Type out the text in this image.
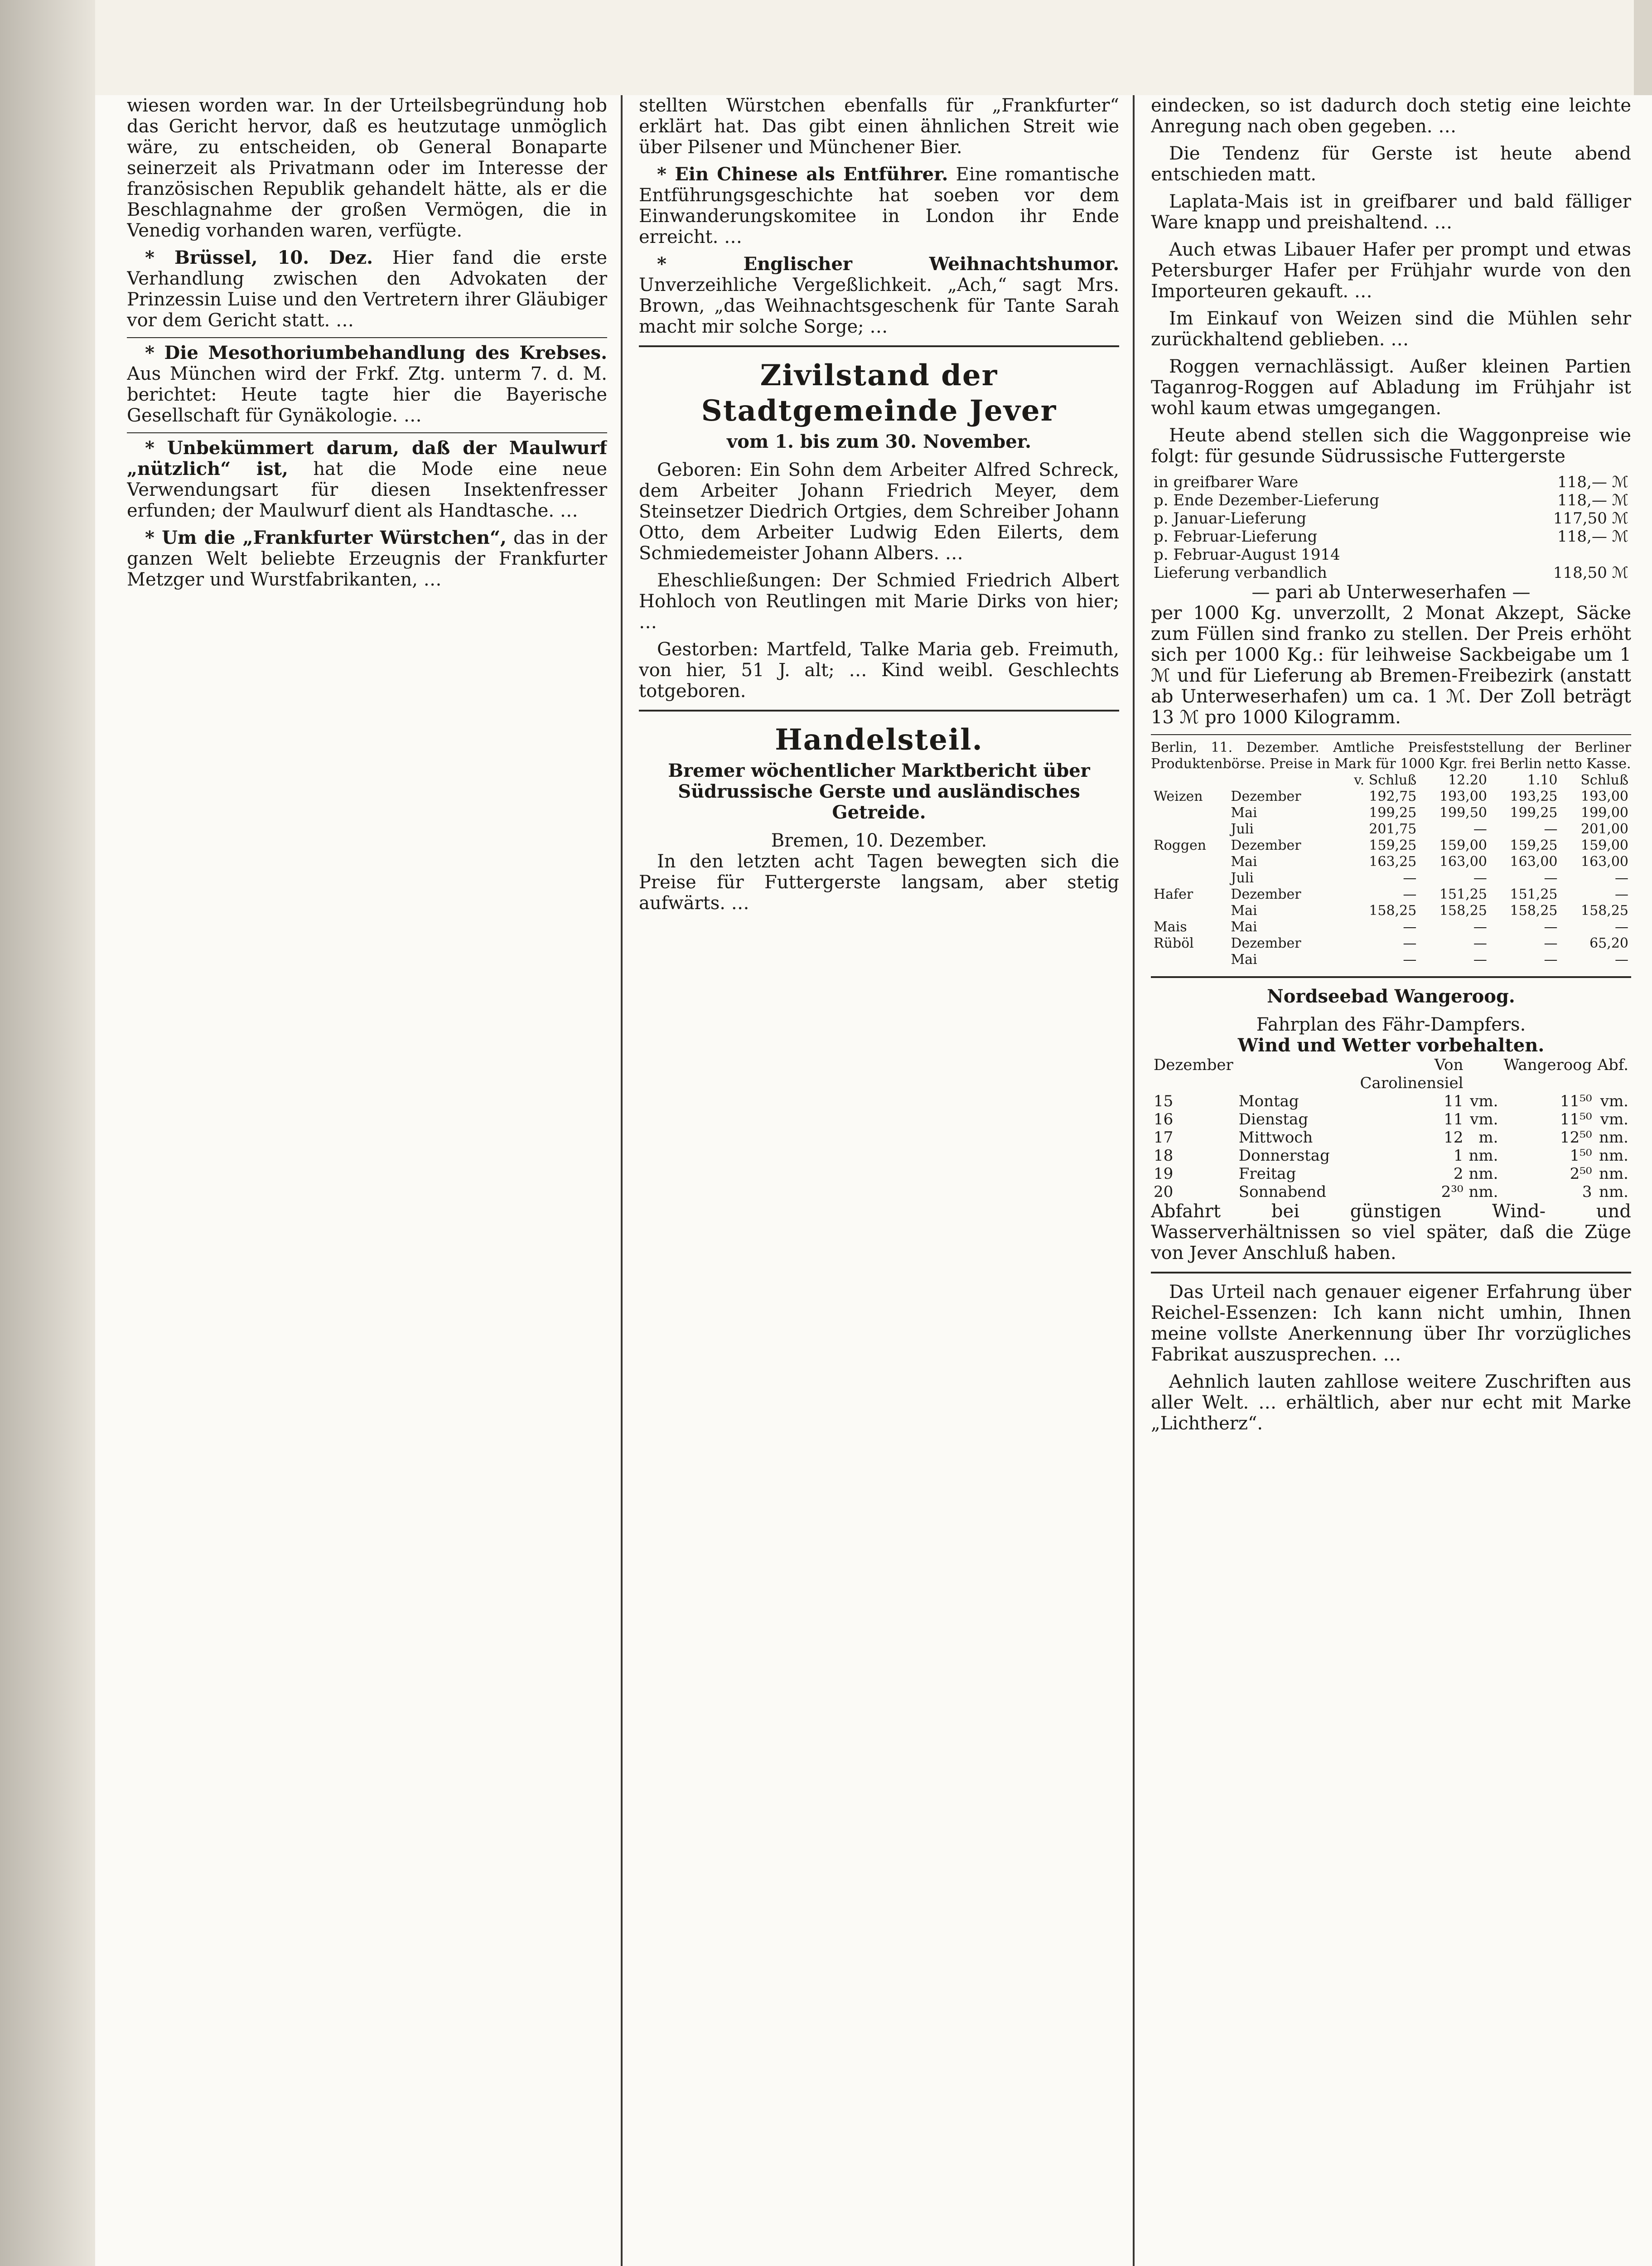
wiesen worden war. In der Urteilsbegründung hob das Gericht hervor, daß es heutzutage unmöglich wäre, zu entscheiden, ob General Bonaparte seinerzeit als Privatmann oder im Interesse der französischen Republik gehandelt hätte, als er die Beschlagnahme der großen Vermögen, die in Venedig vorhanden waren, verfügte.

* Brüssel, 10. Dez. Hier fand die erste Verhandlung zwischen den Advokaten der Prinzessin Luise und den Vertretern ihrer Gläubiger vor dem Gericht statt. …

* Die Mesothoriumbehandlung des Krebses. Aus München wird der Frkf. Ztg. unterm 7. d. M. berichtet: Heute tagte hier die Bayerische Gesellschaft für Gynäkologie. …

* Unbekümmert darum, daß der Maulwurf „nützlich“ ist, hat die Mode eine neue Verwendungsart für diesen Insektenfresser erfunden; der Maulwurf dient als Handtasche. …

* Um die „Frankfurter Würstchen“, das in der ganzen Welt beliebte Erzeugnis der Frankfurter Metzger und Wurstfabrikanten, …

stellten Würstchen ebenfalls für „Frankfurter“ erklärt hat. Das gibt einen ähnlichen Streit wie über Pilsener und Münchener Bier.

* Ein Chinese als Entführer. Eine romantische Entführungsgeschichte hat soeben vor dem Einwanderungskomitee in London ihr Ende erreicht. …

* Englischer Weihnachtshumor. Unverzeihliche Vergeßlichkeit. „Ach,“ sagt Mrs. Brown, „das Weihnachtsgeschenk für Tante Sarah macht mir solche Sorge; …

Zivilstand der Stadtgemeinde Jever
vom 1. bis zum 30. November.

Geboren: Ein Sohn dem Arbeiter Alfred Schreck, dem Arbeiter Johann Friedrich Meyer, dem Steinsetzer Diedrich Ortgies, dem Schreiber Johann Otto, dem Arbeiter Ludwig Eden Eilerts, dem Schmiedemeister Johann Albers. …

Eheschließungen: Der Schmied Friedrich Albert Hohloch von Reutlingen mit Marie Dirks von hier; …

Gestorben: Martfeld, Talke Maria geb. Freimuth, von hier, 51 J. alt; … Kind weibl. Geschlechts totgeboren.

Handelsteil.
Bremer wöchentlicher Marktbericht über Südrussische Gerste und ausländisches Getreide.
Bremen, 10. Dezember.

In den letzten acht Tagen bewegten sich die Preise für Futtergerste langsam, aber stetig aufwärts. …

eindecken, so ist dadurch doch stetig eine leichte Anregung nach oben gegeben. …

Die Tendenz für Gerste ist heute abend entschieden matt.

Laplata-Mais ist in greifbarer und bald fälliger Ware knapp und preishaltend. …

Auch etwas Libauer Hafer per prompt und etwas Petersburger Hafer per Frühjahr wurde von den Importeuren gekauft. …

Im Einkauf von Weizen sind die Mühlen sehr zurückhaltend geblieben. …

Roggen vernachlässigt. Außer kleinen Partien Taganrog-Roggen auf Abladung im Frühjahr ist wohl kaum etwas umgegangen.

Heute abend stellen sich die Waggonpreise wie folgt: für gesunde Südrussische Futtergerste

in greifbarer Ware	118,— ℳ
p. Ende Dezember-Lieferung	118,— ℳ
p. Januar-Lieferung	117,50 ℳ
p. Februar-Lieferung	118,— ℳ
p. Februar-August 1914	
Lieferung verbandlich	118,50 ℳ
— pari ab Unterweserhafen —

per 1000 Kg. unverzollt, 2 Monat Akzept, Säcke zum Füllen sind franko zu stellen. Der Preis erhöht sich per 1000 Kg.: für leihweise Sackbeigabe um 1 ℳ und für Lieferung ab Bremen-Freibezirk (anstatt ab Unterweserhafen) um ca. 1 ℳ. Der Zoll beträgt 13 ℳ pro 1000 Kilogramm.

Berlin, 11. Dezember. Amtliche Preisfeststellung der Berliner Produktenbörse. Preise in Mark für 1000 Kgr. frei Berlin netto Kasse.
		v. Schluß	12.20	1.10	Schluß
Weizen	Dezember	192,75	193,00	193,25	193,00
	Mai	199,25	199,50	199,25	199,00
	Juli	201,75	—	—	201,00
Roggen	Dezember	159,25	159,00	159,25	159,00
	Mai	163,25	163,00	163,00	163,00
	Juli	—	—	—	—
Hafer	Dezember	—	151,25	151,25	—
	Mai	158,25	158,25	158,25	158,25
Mais	Mai	—	—	—	—
Rüböl	Dezember	—	—	—	65,20
	Mai	—	—	—	—
Nordseebad Wangeroog.
Fahrplan des Fähr-Dampfers.
Wind und Wetter vorbehalten.
Dezember		Von Carolinensiel		Wangeroog	Abf.
15	Montag	11	vm.	11⁵⁰	vm.
16	Dienstag	11	vm.	11⁵⁰	vm.
17	Mittwoch	12	m.	12⁵⁰	nm.
18	Donnerstag	1	nm.	1⁵⁰	nm.
19	Freitag	2	nm.	2⁵⁰	nm.
20	Sonnabend	2³⁰	nm.	3	nm.

Abfahrt bei günstigen Wind- und Wasserverhältnissen so viel später, daß die Züge von Jever Anschluß haben.

Das Urteil nach genauer eigener Erfahrung über Reichel-Essenzen: Ich kann nicht umhin, Ihnen meine vollste Anerkennung über Ihr vorzügliches Fabrikat auszusprechen. …

Aehnlich lauten zahllose weitere Zuschriften aus aller Welt. … erhältlich, aber nur echt mit Marke „Lichtherz“.
